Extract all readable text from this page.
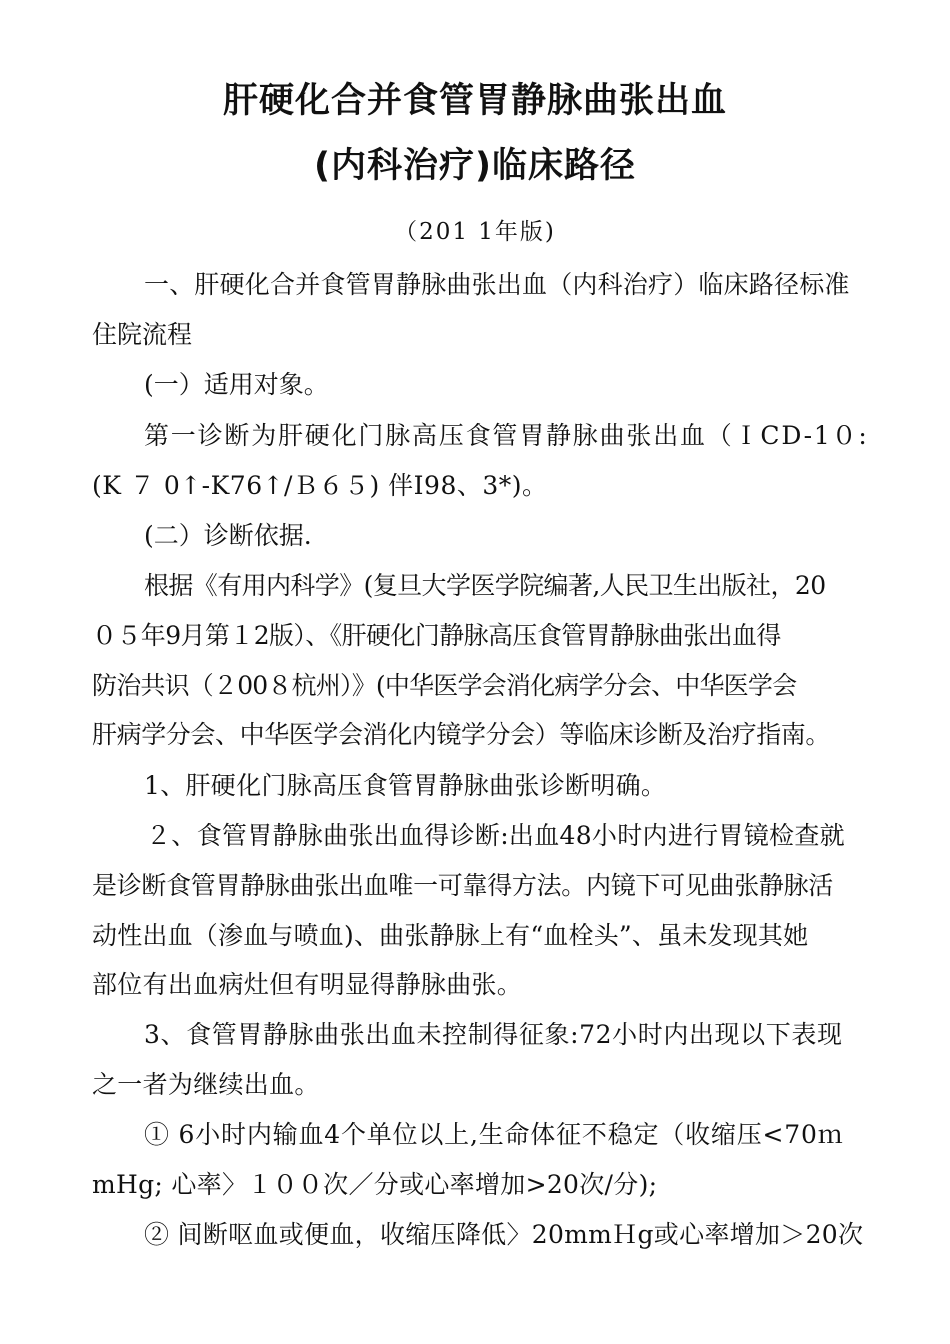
肝硬化合并食管胃静脉曲张出血
(内科治疗)临床路径
（201 1年版)
一、肝硬化合并食管胃静脉曲张出血（内科治疗）临床路径标准
住院流程
(一）适用对象。
第一诊断为肝硬化门脉高压食管胃静脉曲张出血（ＩCD-1０:
(K ７ 0↑-K76↑/Ｂ６５) 伴I98、3*)。
(二）诊断依据.
根据《有用内科学》(复旦大学医学院编著,人民卫生出版社，20
０５年9月第１2版）、《肝硬化门静脉高压食管胃静脉曲张出血得
防治共识（２00８杭州）》(中华医学会消化病学分会、中华医学会
肝病学分会、中华医学会消化内镜学分会）等临床诊断及治疗指南。
1、肝硬化门脉高压食管胃静脉曲张诊断明确。
２、食管胃静脉曲张出血得诊断:出血48小时内进行胃镜检查就
是诊断食管胃静脉曲张出血唯一可靠得方法。内镜下可见曲张静脉活
动性出血（渗血与喷血)、曲张静脉上有“血栓头”、虽未发现其她
部位有出血病灶但有明显得静脉曲张。
3、食管胃静脉曲张出血未控制得征象:72小时内出现以下表现
之一者为继续出血。
① 6小时内输血4个单位以上,生命体征不稳定（收缩压<70ｍ
mHg; 心率〉１００次／分或心率增加>20次/分);
② 间断呕血或便血，收缩压降低〉20mmＨg或心率增加＞20次
